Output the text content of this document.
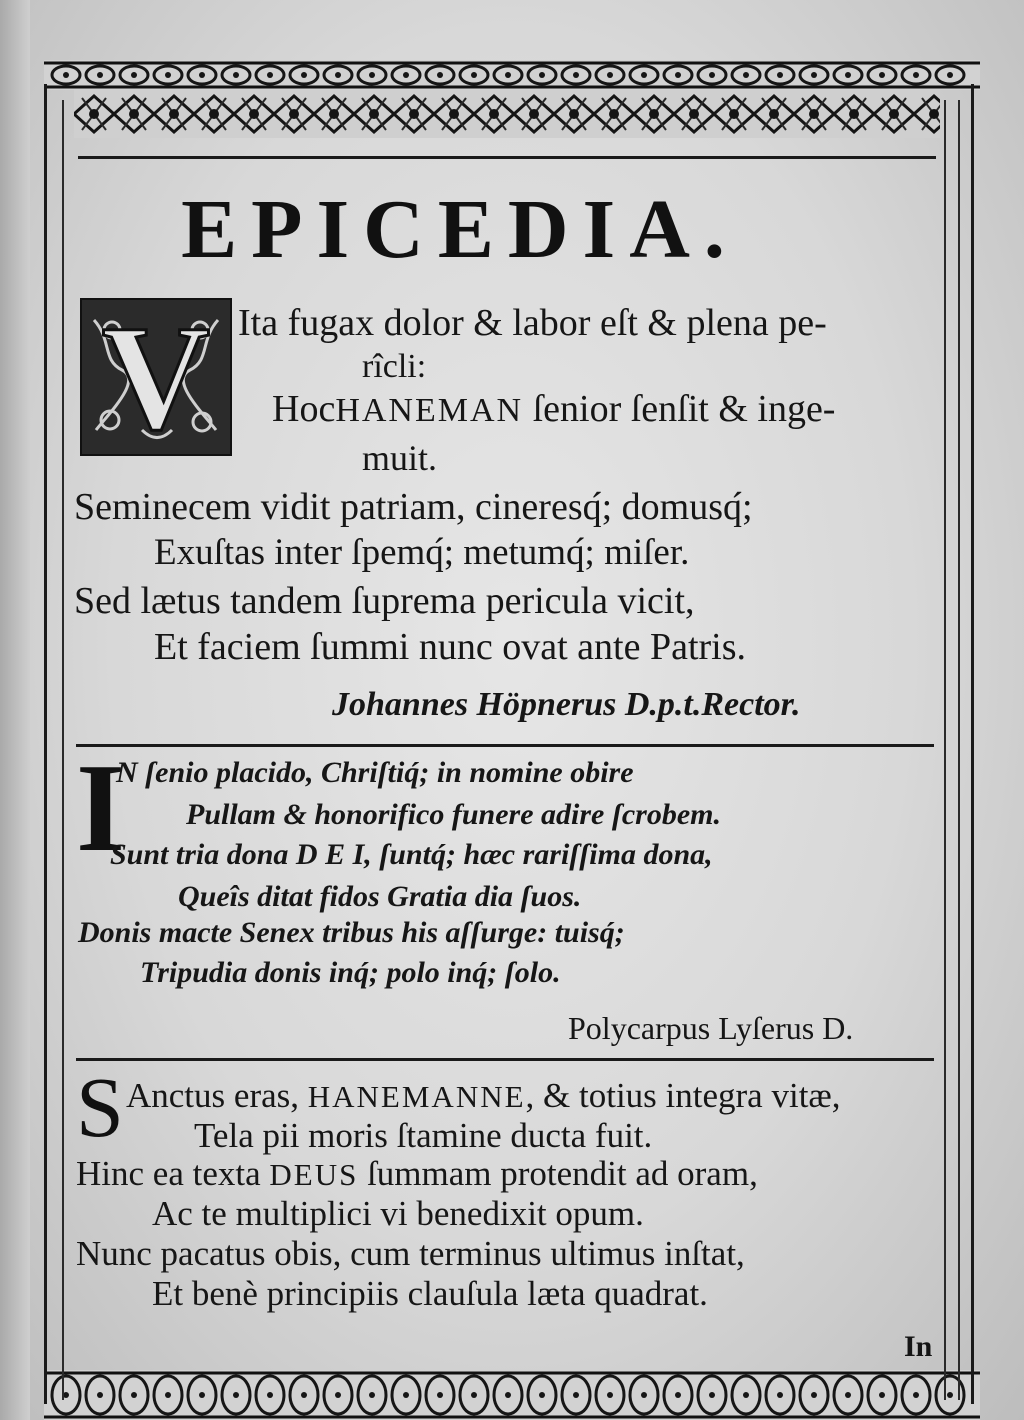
EPICEDIA.
V Ita fugax dolor & labor eſt & plena pe-
rîcli:
HocHANEMAN ſenior ſenſit & inge-
muit.
Seminecem vidit patriam, cineresq́; domusq́;
Exuſtas inter ſpemq́; metumq́; miſer.
Sed lætus tandem ſuprema pericula vicit,
Et faciem ſummi nunc ovat ante Patris.
Johannes Höpnerus D.p.t.Rector.
I
N ſenio placido, Chriſtiq́; in nomine obire
Pullam & honorifico funere adire ſcrobem.
Sunt tria dona D E I, ſuntq́; hæc rariſſima dona,
Queîs ditat fidos Gratia dia ſuos.
Donis macte Senex tribus his aſſurge: tuisq́;
Tripudia donis inq́; polo inq́; ſolo.
Polycarpus Lyſerus D.
S Anctus eras, HANEMANNE, & totius integra vitæ,
Tela pii moris ſtamine ducta fuit.
Hinc ea texta DEUS ſummam protendit ad oram,
Ac te multiplici vi benedixit opum.
Nunc pacatus obis, cum terminus ultimus inſtat,
Et benè principiis clauſula læta quadrat.
In
